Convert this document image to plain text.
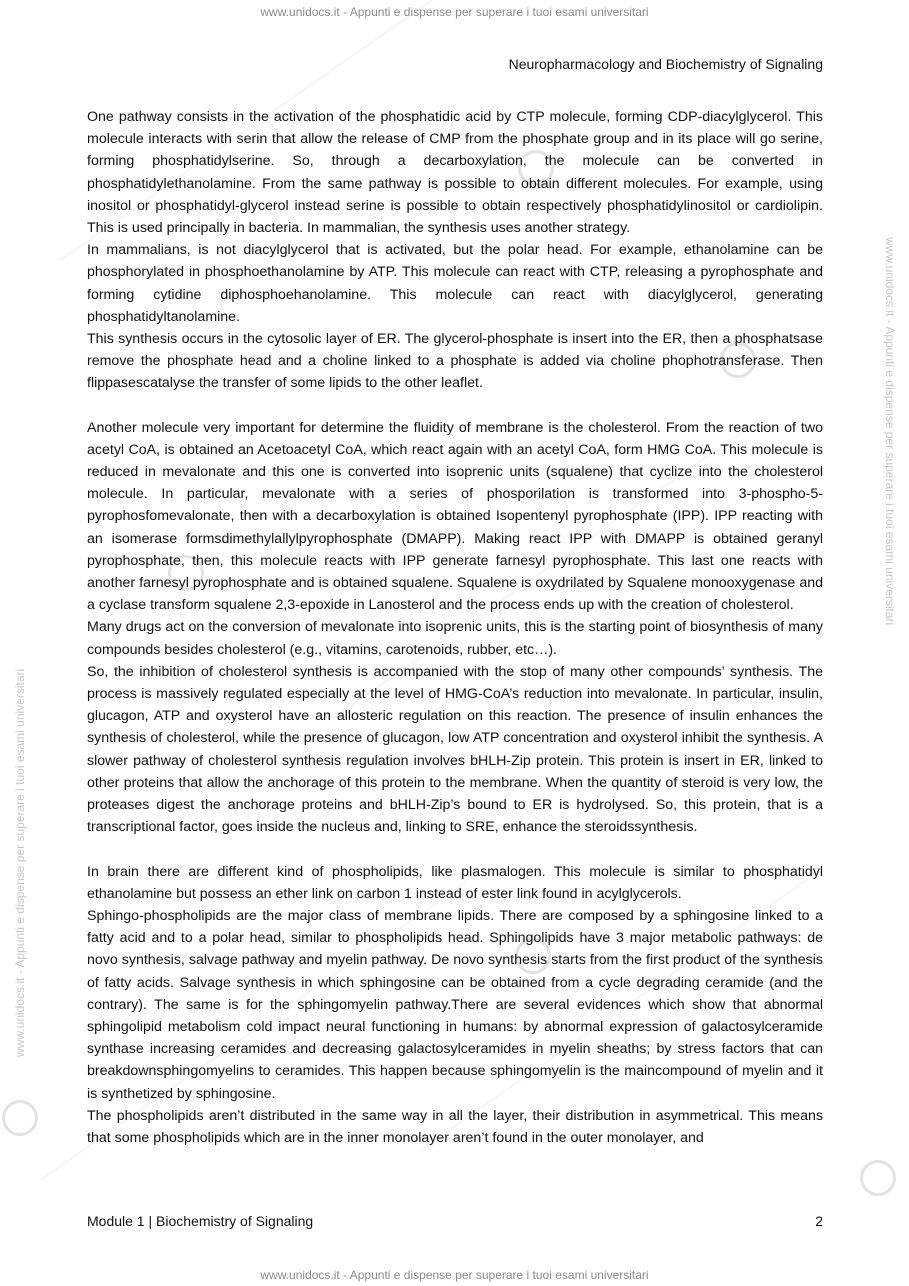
www.unidocs.it - Appunti e dispense per superare i tuoi esami universitari
www.unidocs.it - Appunti e dispense per superare i tuoi esami universitari
www.unidocs.it - Appunti e dispense per superare i tuoi esami universitari
Neuropharmacology and Biochemistry of Signaling

One pathway consists in the activation of the phosphatidic acid by CTP molecule, forming CDP-diacylglycerol. This molecule interacts with serin that allow the release of CMP from the phosphate group and in its place will go serine, forming phosphatidylserine. So, through a decarboxylation, the molecule can be converted in phosphatidylethanolamine. From the same pathway is possible to obtain different molecules. For example, using inositol or phosphatidyl-glycerol instead serine is possible to obtain respectively phosphatidylinositol or cardiolipin. This is used principally in bacteria. In mammalian, the synthesis uses another strategy.

In mammalians, is not diacylglycerol that is activated, but the polar head. For example, ethanolamine can be phosphorylated in phosphoethanolamine by ATP. This molecule can react with CTP, releasing a pyrophosphate and forming cytidine diphosphoehanolamine. This molecule can react with diacylglycerol, generating phosphatidyltanolamine.

This synthesis occurs in the cytosolic layer of ER. The glycerol-phosphate is insert into the ER, then a phosphatsase remove the phosphate head and a choline linked to a phosphate is added via choline phophotransferase. Then flippasescatalyse the transfer of some lipids to the other leaflet.

Another molecule very important for determine the fluidity of membrane is the cholesterol. From the reaction of two acetyl CoA, is obtained an Acetoacetyl CoA, which react again with an acetyl CoA, form HMG CoA. This molecule is reduced in mevalonate and this one is converted into isoprenic units (squalene) that cyclize into the cholesterol molecule. In particular, mevalonate with a series of phosporilation is transformed into 3-phospho-5-pyrophosfomevalonate, then with a decarboxylation is obtained Isopentenyl pyrophosphate (IPP). IPP reacting with an isomerase formsdimethylallylpyrophosphate (DMAPP). Making react IPP with DMAPP is obtained geranyl pyrophosphate, then, this molecule reacts with IPP generate farnesyl pyrophosphate. This last one reacts with another farnesyl pyrophosphate and is obtained squalene. Squalene is oxydrilated by Squalene monooxygenase and a cyclase transform squalene 2,3-epoxide in Lanosterol and the process ends up with the creation of cholesterol.

Many drugs act on the conversion of mevalonate into isoprenic units, this is the starting point of biosynthesis of many compounds besides cholesterol (e.g., vitamins, carotenoids, rubber, etc…).

So, the inhibition of cholesterol synthesis is accompanied with the stop of many other compounds’ synthesis. The process is massively regulated especially at the level of HMG-CoA’s reduction into mevalonate. In particular, insulin, glucagon, ATP and oxysterol have an allosteric regulation on this reaction. The presence of insulin enhances the synthesis of cholesterol, while the presence of glucagon, low ATP concentration and oxysterol inhibit the synthesis. A slower pathway of cholesterol synthesis regulation involves bHLH-Zip protein. This protein is insert in ER, linked to other proteins that allow the anchorage of this protein to the membrane. When the quantity of steroid is very low, the proteases digest the anchorage proteins and bHLH-Zip’s bound to ER is hydrolysed. So, this protein, that is a transcriptional factor, goes inside the nucleus and, linking to SRE, enhance the steroidssynthesis.

In brain there are different kind of phospholipids, like plasmalogen. This molecule is similar to phosphatidyl ethanolamine but possess an ether link on carbon 1 instead of ester link found in acylglycerols.

Sphingo-phospholipids are the major class of membrane lipids. There are composed by a sphingosine linked to a fatty acid and to a polar head, similar to phospholipids head. Sphingolipids have 3 major metabolic pathways: de novo synthesis, salvage pathway and myelin pathway. De novo synthesis starts from the first product of the synthesis of fatty acids. Salvage synthesis in which sphingosine can be obtained from a cycle degrading ceramide (and the contrary). The same is for the sphingomyelin pathway.There are several evidences which show that abnormal sphingolipid metabolism cold impact neural functioning in humans: by abnormal expression of galactosylceramide synthase increasing ceramides and decreasing galactosylceramides in myelin sheaths; by stress factors that can breakdownsphingomyelins to ceramides. This happen because sphingomyelin is the maincompound of myelin and it is synthetized by sphingosine.

The phospholipids aren’t distributed in the same way in all the layer, their distribution in asymmetrical. This means that some phospholipids which are in the inner monolayer aren’t found in the outer monolayer, and

Module 1 | Biochemistry of Signaling	2
www.unidocs.it - Appunti e dispense per superare i tuoi esami universitari
